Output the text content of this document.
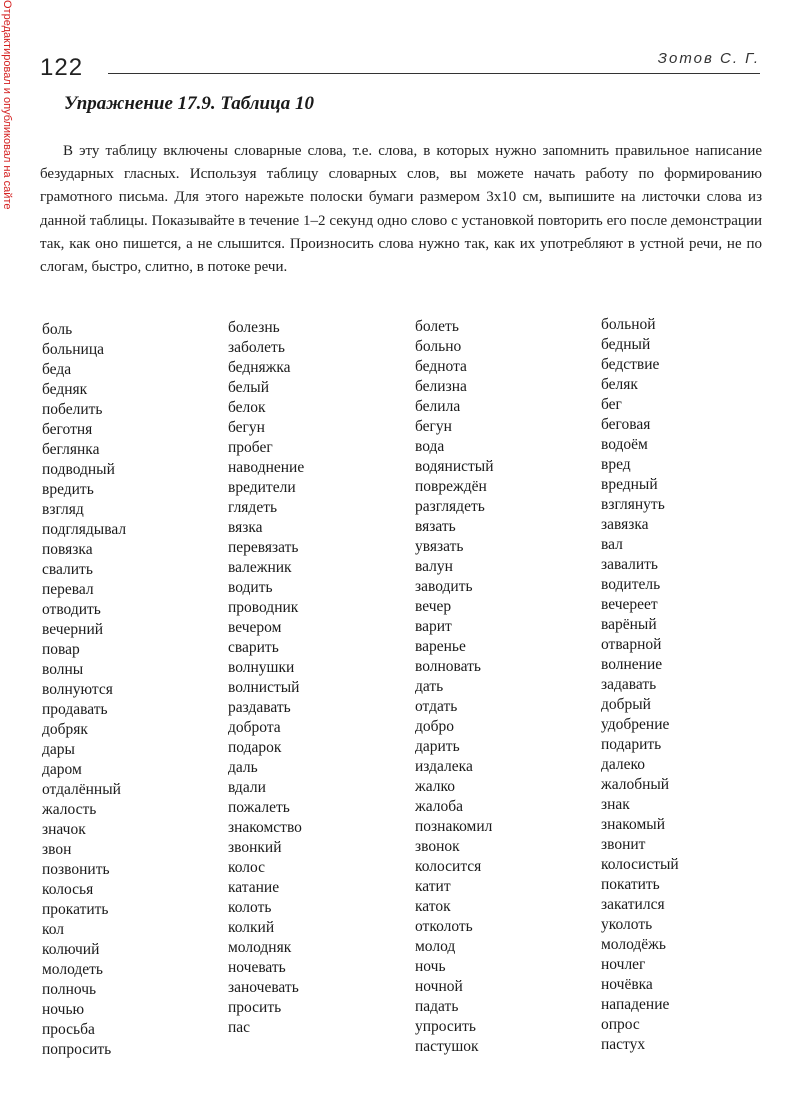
Отредактировал и опубликовал на сайте 122	Зотов С. Г.
Упражнение 17.9. Таблица 10

В эту таблицу включены словарные слова, т.е. слова, в которых нужно запомнить правильное написание безударных гласных. Используя таблицу словарных слов, вы можете начать работу по формированию грамотного письма. Для этого нарежьте полоски бумаги размером 3х10 см, выпишите на листочки слова из данной таблицы. Показывайте в течение 1–2 секунд одно слово с установкой повторить его после демонстрации так, как оно пишется, а не слышится. Произносить слова нужно так, как их употребляют в устной речи, не по слогам, быстро, слитно, в потоке речи.

боль
больница
беда
бедняк
побелить
беготня
беглянка
подводный
вредить
взгляд
подглядывал
повязка
свалить
перевал
отводить
вечерний
повар
волны
волнуются
продавать
добряк
дары
даром
отдалённый
жалость
значок
звон
позвонить
колосья
прокатить
кол
колючий
молодеть
полночь
ночью
просьба
попросить
болезнь
заболеть
бедняжка
белый
белок
бегун
пробег
наводнение
вредители
глядеть
вязка
перевязать
валежник
водить
проводник
вечером
сварить
волнушки
волнистый
раздавать
доброта
подарок
даль
вдали
пожалеть
знакомство
звонкий
колос
катание
колоть
колкий
молодняк
ночевать
заночевать
просить
пас
болеть
больно
беднота
белизна
белила
бегун
вода
водянистый
повреждён
разглядеть
вязать
увязать
валун
заводить
вечер
варит
варенье
волновать
дать
отдать
добро
дарить
издалека
жалко
жалоба
познакомил
звонок
колосится
катит
каток
отколоть
молод
ночь
ночной
падать
упросить
пастушок
больной
бедный
бедствие
беляк
бег
беговая
водоём
вред
вредный
взглянуть
завязка
вал
завалить
водитель
вечереет
варёный
отварной
волнение
задавать
добрый
удобрение
подарить
далеко
жалобный
знак
знакомый
звонит
колосистый
покатить
закатился
уколоть
молодёжь
ночлег
ночёвка
нападение
опрос
пастух
